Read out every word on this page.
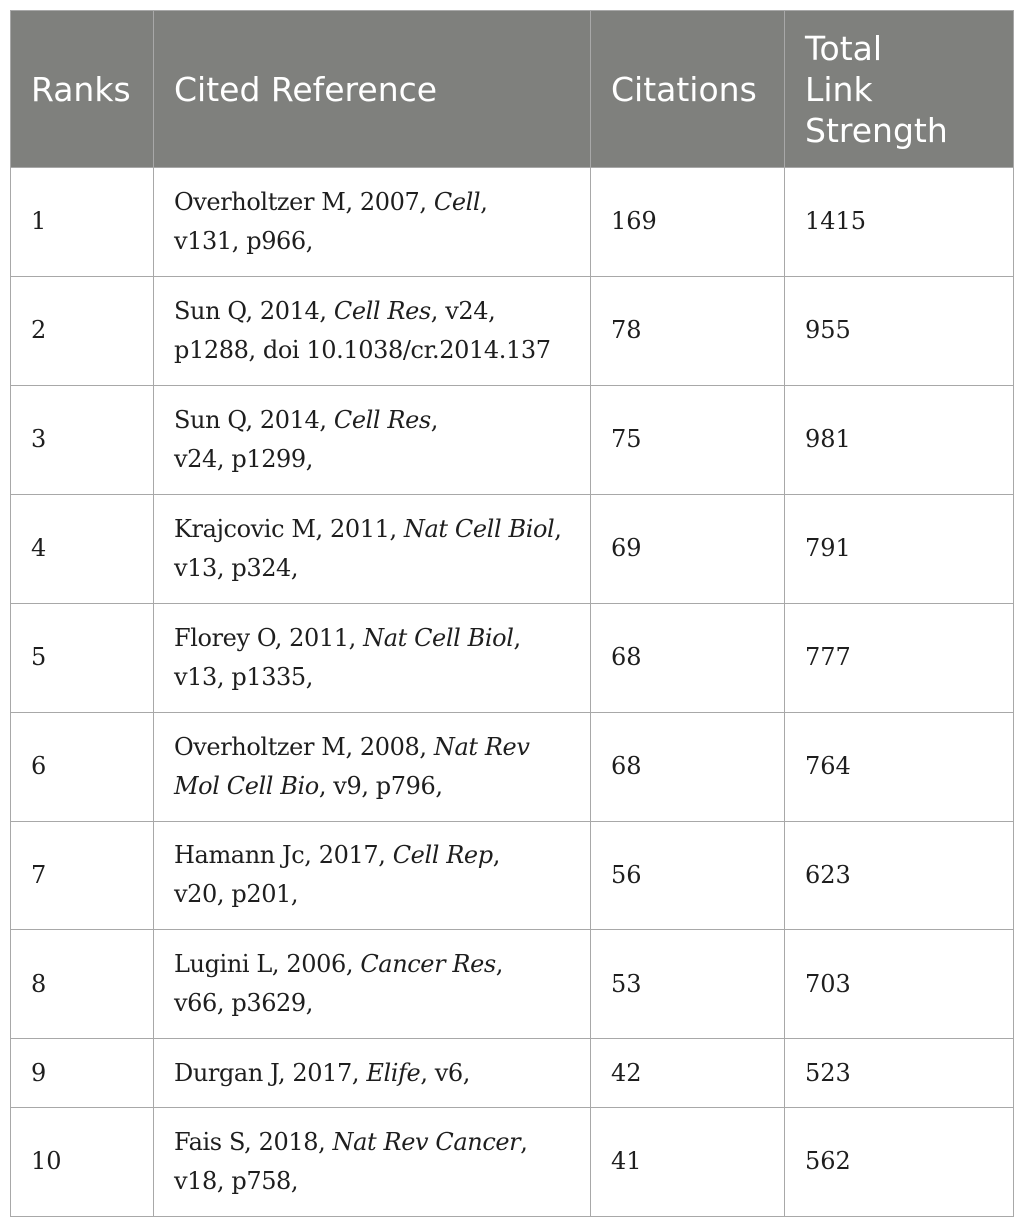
Ranks	Cited Reference	Citations	Total
Link
Strength
1	Overholtzer M, 2007, Cell,
v131, p966,	169	1415
2	Sun Q, 2014, Cell Res, v24,
p1288, doi 10.1038/cr.2014.137	78	955
3	Sun Q, 2014, Cell Res,
v24, p1299,	75	981
4	Krajcovic M, 2011, Nat Cell Biol,
v13, p324,	69	791
5	Florey O, 2011, Nat Cell Biol,
v13, p1335,	68	777
6	Overholtzer M, 2008, Nat Rev
Mol Cell Bio, v9, p796,	68	764
7	Hamann Jc, 2017, Cell Rep,
v20, p201,	56	623
8	Lugini L, 2006, Cancer Res,
v66, p3629,	53	703
9	Durgan J, 2017, Elife, v6,	42	523
10	Fais S, 2018, Nat Rev Cancer,
v18, p758,	41	562
